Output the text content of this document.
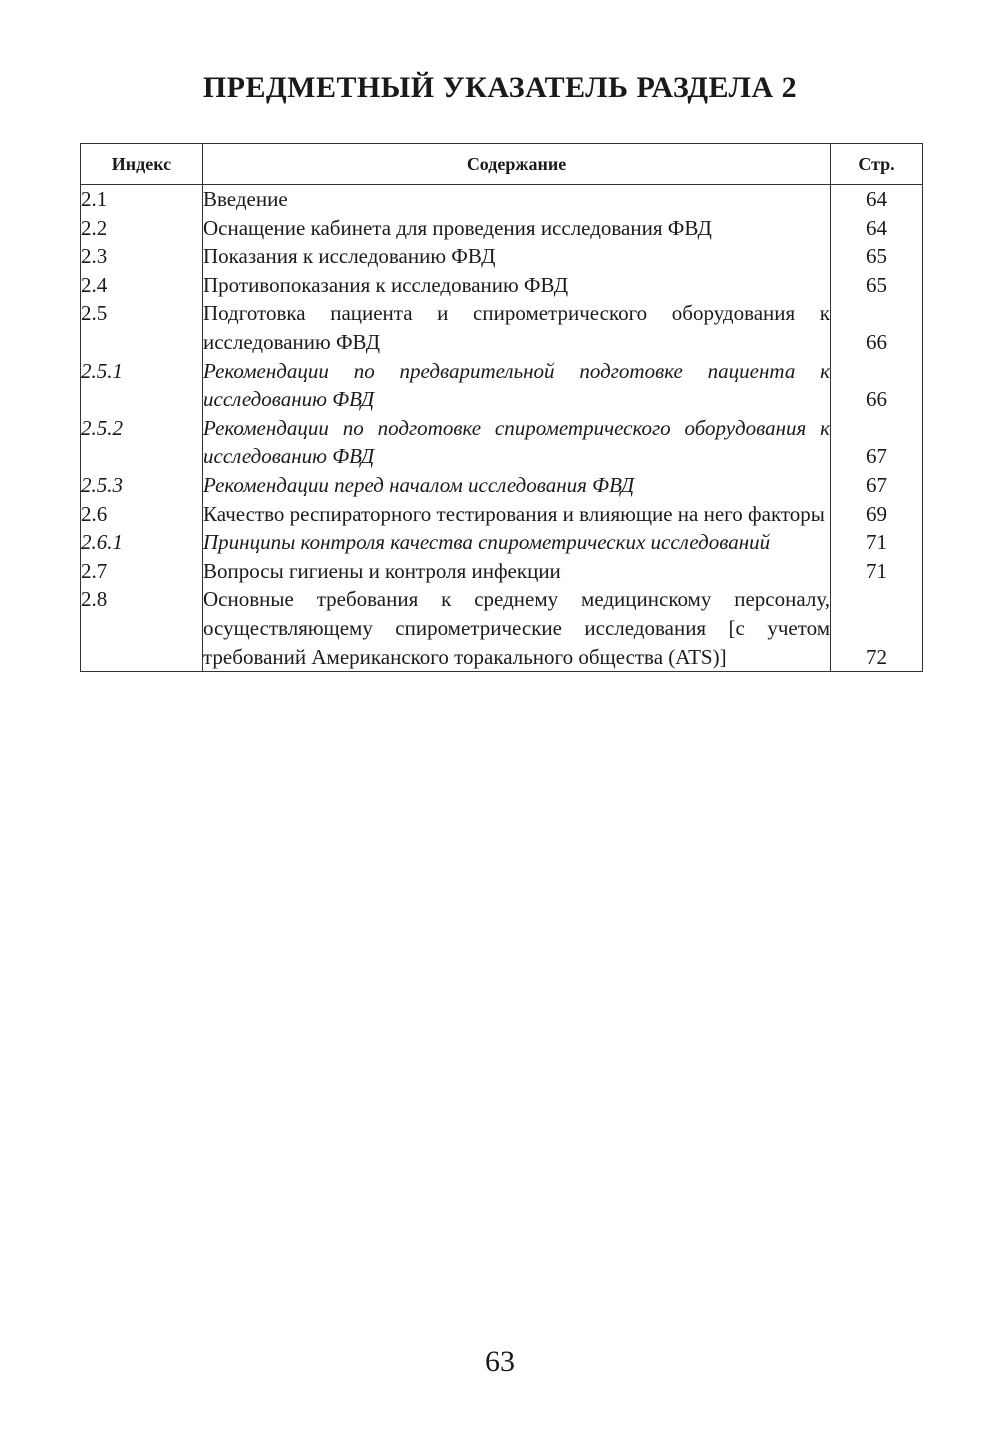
ПРЕДМЕТНЫЙ УКАЗАТЕЛЬ РАЗДЕЛА 2
Индекс	Содержание	Стр.
2.1	Введение	64
2.2	Оснащение кабинета для проведения исследования ФВД	64
2.3	Показания к исследованию ФВД	65
2.4	Противопоказания к исследованию ФВД	65
2.5	Подготовка пациента и спирометрического оборудования к исследованию ФВД	66
2.5.1	Рекомендации по предварительной подготовке пациента к исследованию ФВД	66
2.5.2	Рекомендации по подготовке спирометрического оборудования к исследованию ФВД	67
2.5.3	Рекомендации перед началом исследования ФВД	67
2.6	Качество респираторного тестирования и влияющие на него факторы	69
2.6.1	Принципы контроля качества спирометрических исследований	71
2.7	Вопросы гигиены и контроля инфекции	71
2.8	Основные требования к среднему медицинскому персоналу, осуществляющему спирометрические исследования [с учетом требований Американского торакального общества (ATS)]	72
63
